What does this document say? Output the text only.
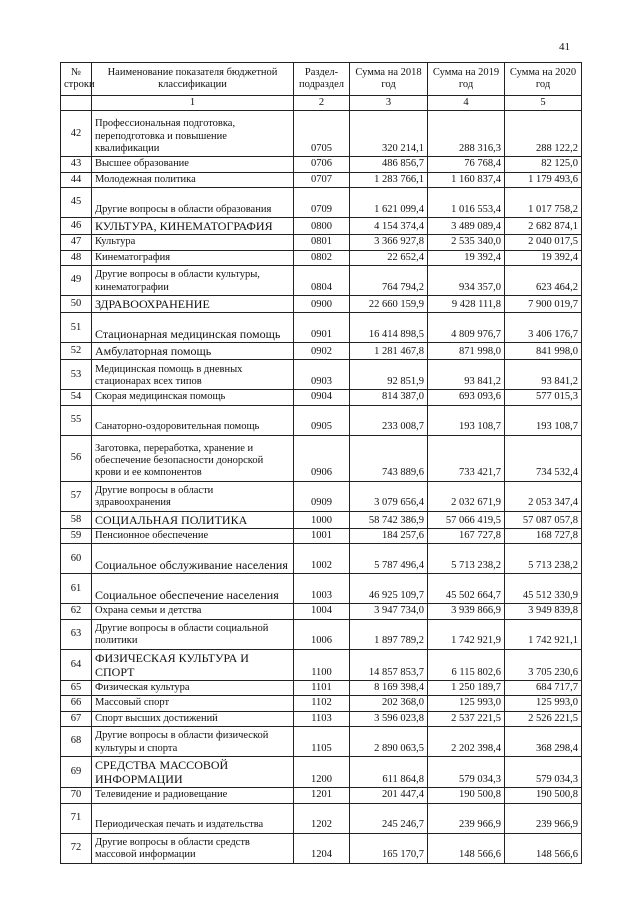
41
№ строки	Наименование показателя бюджетной классификации	Раздел-подраздел	Сумма на 2018 год	Сумма на 2019 год	Сумма на 2020 год
	1	2	3	4	5
42	Профессиональная подготовка, переподготовка и повышение квалификации	0705	320 214,1	288 316,3	288 122,2
43	Высшее образование	0706	486 856,7	76 768,4	82 125,0
44	Молодежная политика	0707	1 283 766,1	1 160 837,4	1 179 493,6
45	Другие вопросы в области образования	0709	1 621 099,4	1 016 553,4	1 017 758,2
46	КУЛЬТУРА, КИНЕМАТОГРАФИЯ	0800	4 154 374,4	3 489 089,4	2 682 874,1
47	Культура	0801	3 366 927,8	2 535 340,0	2 040 017,5
48	Кинематография	0802	22 652,4	19 392,4	19 392,4
49	Другие вопросы в области культуры, кинематографии	0804	764 794,2	934 357,0	623 464,2
50	ЗДРАВООХРАНЕНИЕ	0900	22 660 159,9	9 428 111,8	7 900 019,7
51	Стационарная медицинская помощь	0901	16 414 898,5	4 809 976,7	3 406 176,7
52	Амбулаторная помощь	0902	1 281 467,8	871 998,0	841 998,0
53	Медицинская помощь в дневных стационарах всех типов	0903	92 851,9	93 841,2	93 841,2
54	Скорая медицинская помощь	0904	814 387,0	693 093,6	577 015,3
55	Санаторно-оздоровительная помощь	0905	233 008,7	193 108,7	193 108,7
56	Заготовка, переработка, хранение и обеспечение безопасности донорской крови и ее компонентов	0906	743 889,6	733 421,7	734 532,4
57	Другие вопросы в области здравоохранения	0909	3 079 656,4	2 032 671,9	2 053 347,4
58	СОЦИАЛЬНАЯ ПОЛИТИКА	1000	58 742 386,9	57 066 419,5	57 087 057,8
59	Пенсионное обеспечение	1001	184 257,6	167 727,8	168 727,8
60	Социальное обслуживание населения	1002	5 787 496,4	5 713 238,2	5 713 238,2
61	Социальное обеспечение населения	1003	46 925 109,7	45 502 664,7	45 512 330,9
62	Охрана семьи и детства	1004	3 947 734,0	3 939 866,9	3 949 839,8
63	Другие вопросы в области социальной политики	1006	1 897 789,2	1 742 921,9	1 742 921,1
64	ФИЗИЧЕСКАЯ КУЛЬТУРА И СПОРТ	1100	14 857 853,7	6 115 802,6	3 705 230,6
65	Физическая культура	1101	8 169 398,4	1 250 189,7	684 717,7
66	Массовый спорт	1102	202 368,0	125 993,0	125 993,0
67	Спорт высших достижений	1103	3 596 023,8	2 537 221,5	2 526 221,5
68	Другие вопросы в области физической культуры и спорта	1105	2 890 063,5	2 202 398,4	368 298,4
69	СРЕДСТВА МАССОВОЙ ИНФОРМАЦИИ	1200	611 864,8	579 034,3	579 034,3
70	Телевидение и радиовещание	1201	201 447,4	190 500,8	190 500,8
71	Периодическая печать и издательства	1202	245 246,7	239 966,9	239 966,9
72	Другие вопросы в области средств массовой информации	1204	165 170,7	148 566,6	148 566,6
